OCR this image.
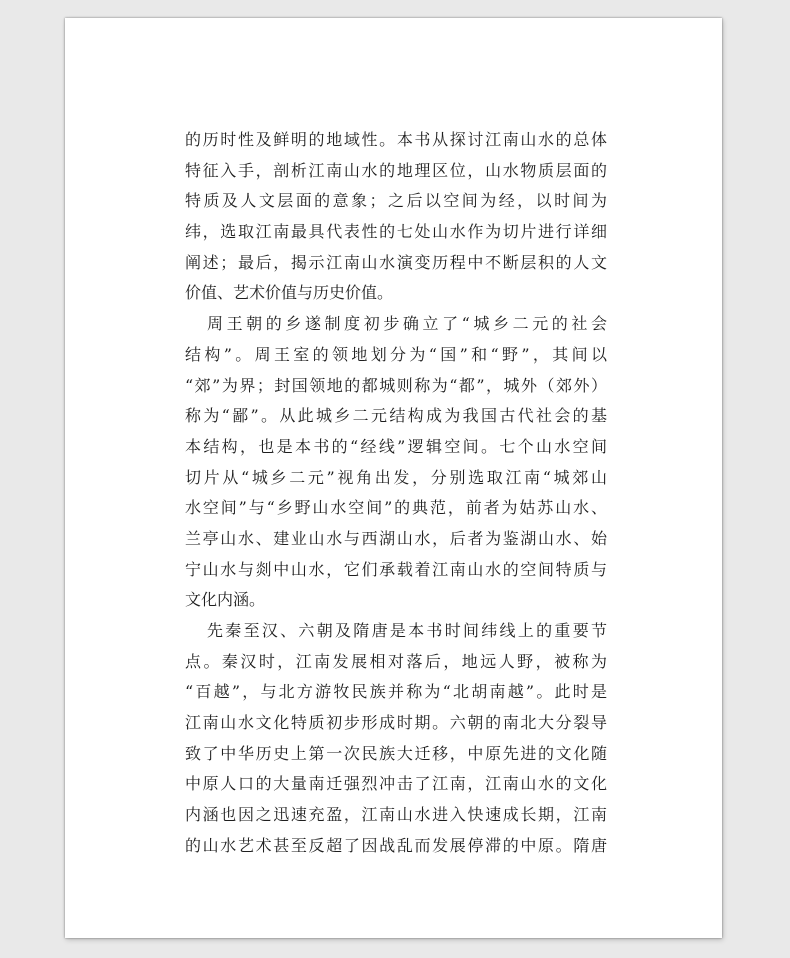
的历时性及鲜明的地域性。本书从探讨江南山水的总体
特征入手，剖析江南山水的地理区位，山水物质层面的
特质及人文层面的意象；之后以空间为经，以时间为
纬，选取江南最具代表性的七处山水作为切片进行详细
阐述；最后，揭示江南山水演变历程中不断层积的人文
价值、艺术价值与历史价值。
周王朝的乡遂制度初步确立了“城乡二元的社会
结构”。周王室的领地划分为“国”和“野”，其间以
“郊”为界；封国领地的都城则称为“都”，城外（郊外）
称为“鄙”。从此城乡二元结构成为我国古代社会的基
本结构，也是本书的“经线”逻辑空间。七个山水空间
切片从“城乡二元”视角出发，分别选取江南“城郊山
水空间”与“乡野山水空间”的典范，前者为姑苏山水、
兰亭山水、建业山水与西湖山水，后者为鉴湖山水、始
宁山水与剡中山水，它们承载着江南山水的空间特质与
文化内涵。
先秦至汉、六朝及隋唐是本书时间纬线上的重要节
点。秦汉时，江南发展相对落后，地远人野，被称为
“百越”，与北方游牧民族并称为“北胡南越”。此时是
江南山水文化特质初步形成时期。六朝的南北大分裂导
致了中华历史上第一次民族大迁移，中原先进的文化随
中原人口的大量南迁强烈冲击了江南，江南山水的文化
内涵也因之迅速充盈，江南山水进入快速成长期，江南
的山水艺术甚至反超了因战乱而发展停滞的中原。隋唐
